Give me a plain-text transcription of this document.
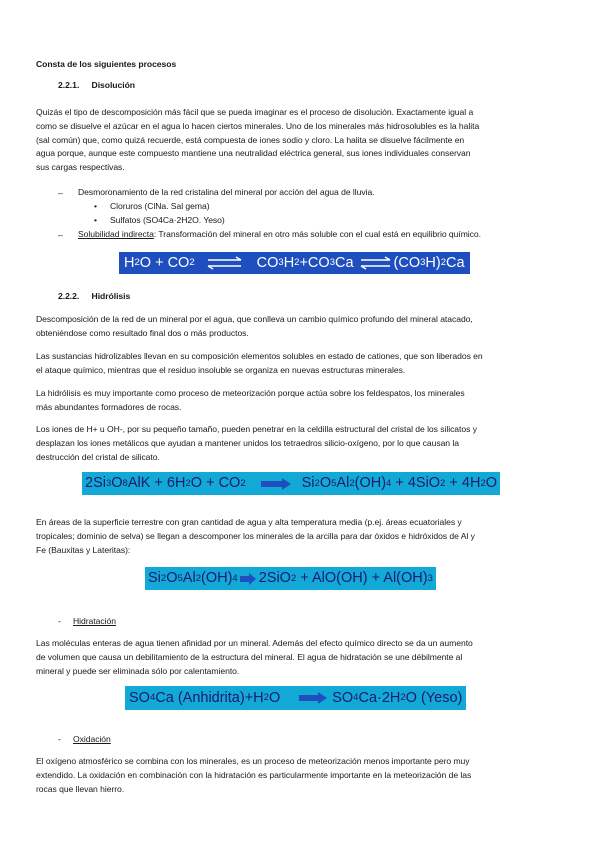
Consta de los siguientes procesos
2.2.1. Disolución
Quizás el tipo de descomposición más fácil que se pueda imaginar es el proceso de disolución. Exactamente igual a
como se disuelve el azúcar en el agua lo hacen ciertos minerales. Uno de los minerales más hidrosolubles es la halita
(sal común) que, como quizá recuerde, está compuesta de iones sodio y cloro. La halita se disuelve fácilmente en
agua porque, aunque este compuesto mantiene una neutralidad eléctrica general, sus iones individuales conservan
sus cargas respectivas.
– Desmoronamiento de la red cristalina del mineral por acción del agua de lluvia.
• Cloruros (ClNa. Sal gema)
• Sulfatos (SO4Ca·2H2O. Yeso)
– Solubilidad indirecta: Transformación del mineral en otro más soluble con el cual está en equilibrio químico.
H 2 O + CO 2 ⇌ CO 3 H 2 +CO 3 Ca ⇌ (CO 3 H) 2 Ca
2.2.2. Hidrólisis
Descomposición de la red de un mineral por el agua, que conlleva un cambio químico profundo del mineral atacado,
obteniéndose como resultado final dos o más productos.
Las sustancias hidrolizables llevan en su composición elementos solubles en estado de cationes, que son liberados en
el ataque químico, mientras que el residuo insoluble se organiza en nuevas estructuras minerales.
La hidrólisis es muy importante como proceso de meteorización porque actúa sobre los feldespatos, los minerales
más abundantes formadores de rocas.
Los iones de H+ u OH-, por su pequeño tamaño, pueden penetrar en la celdilla estructural del cristal de los silicatos y
desplazan los iones metálicos que ayudan a mantener unidos los tetraedros silicio-oxígeno, por lo que causan la
destrucción del cristal de silicato.
2Si 3 O 8 AlK + 6H 2 O + CO 2	Si 2 O 5 Al 2 (OH) 4 + 4SiO 2 + 4H 2 O
En áreas de la superficie terrestre con gran cantidad de agua y alta temperatura media (p.ej. áreas ecuatoriales y
tropicales; dominio de selva) se llegan a descomponer los minerales de la arcilla para dar óxidos e hidróxidos de Al y
Fe (Bauxitas y Lateritas):
Si 2 O 5 Al 2 (OH) 4 2SiO 2 + AlO(OH) + Al(OH) 3
- Hidratación
Las moléculas enteras de agua tienen afinidad por un mineral. Además del efecto químico directo se da un aumento
de volumen que causa un debilitamiento de la estructura del mineral. El agua de hidratación se une débilmente al
mineral y puede ser eliminada sólo por calentamiento.
SO 4 Ca (Anhidrita)+H 2 O	SO 4 Ca·2H 2 O (Yeso)
- Oxidación
El oxígeno atmosférico se combina con los minerales, es un proceso de meteorización menos importante pero muy
extendido. La oxidación en combinación con la hidratación es particularmente importante en la meteorización de las
rocas que llevan hierro.
